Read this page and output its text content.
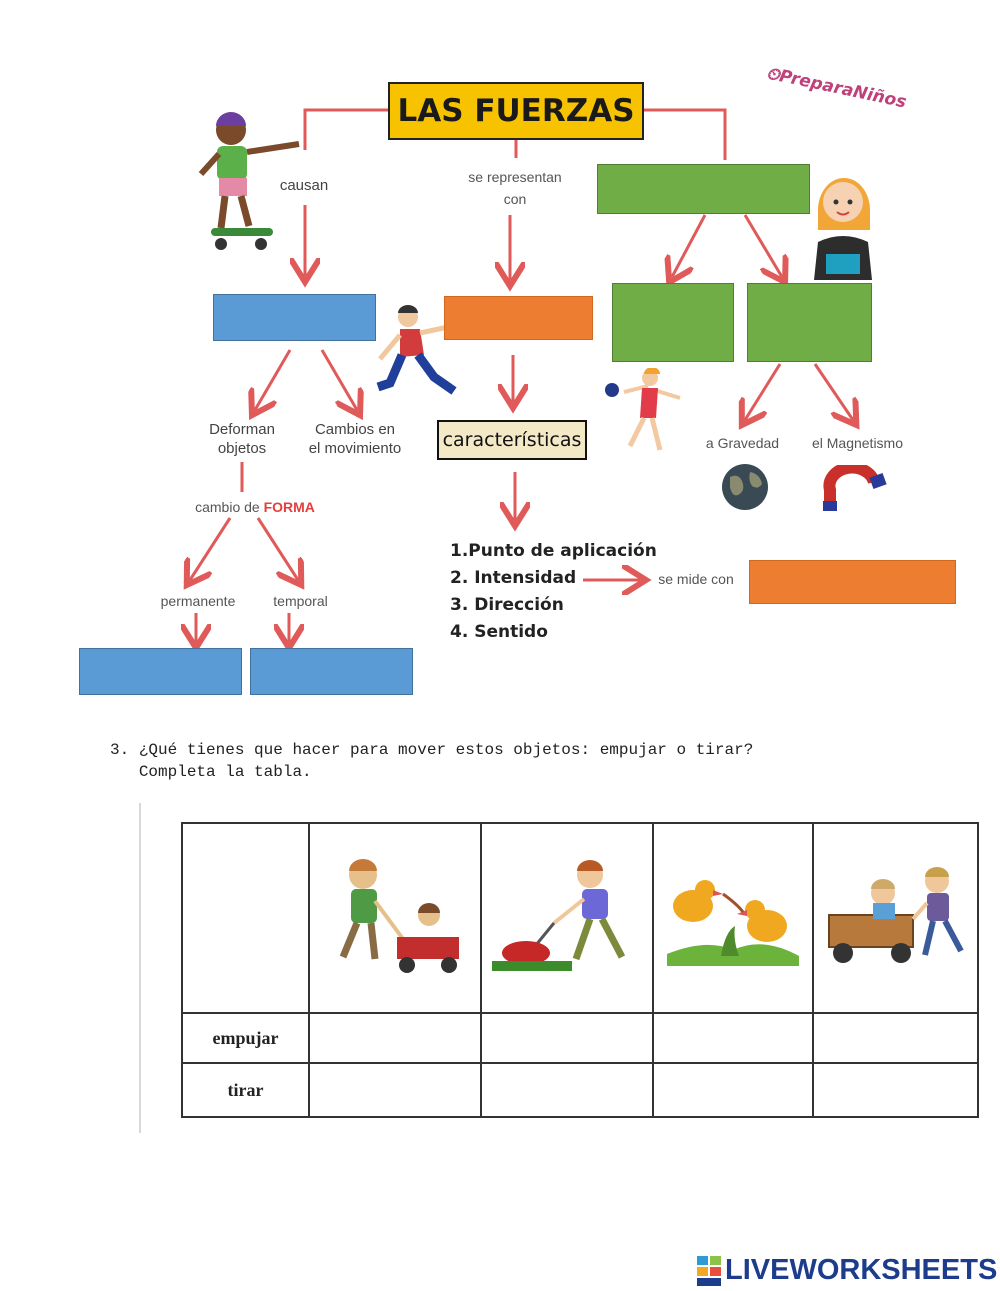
LAS FUERZAS
⏲PreparaNiños
causan	se representan
con
Deforman
objetos
Cambios en
el movimiento
cambio de FORMA
permanente	temporal
características
1.Punto de aplicación
2. Intensidad
3. Dirección
4. Sentido
se mide con
a Gravedad	el Magnetismo
3. ¿Qué tienes que hacer para mover estos objetos: empujar o tirar?
Completa la tabla.

empujar				
tirar				
LIVEWORKSHEETS
